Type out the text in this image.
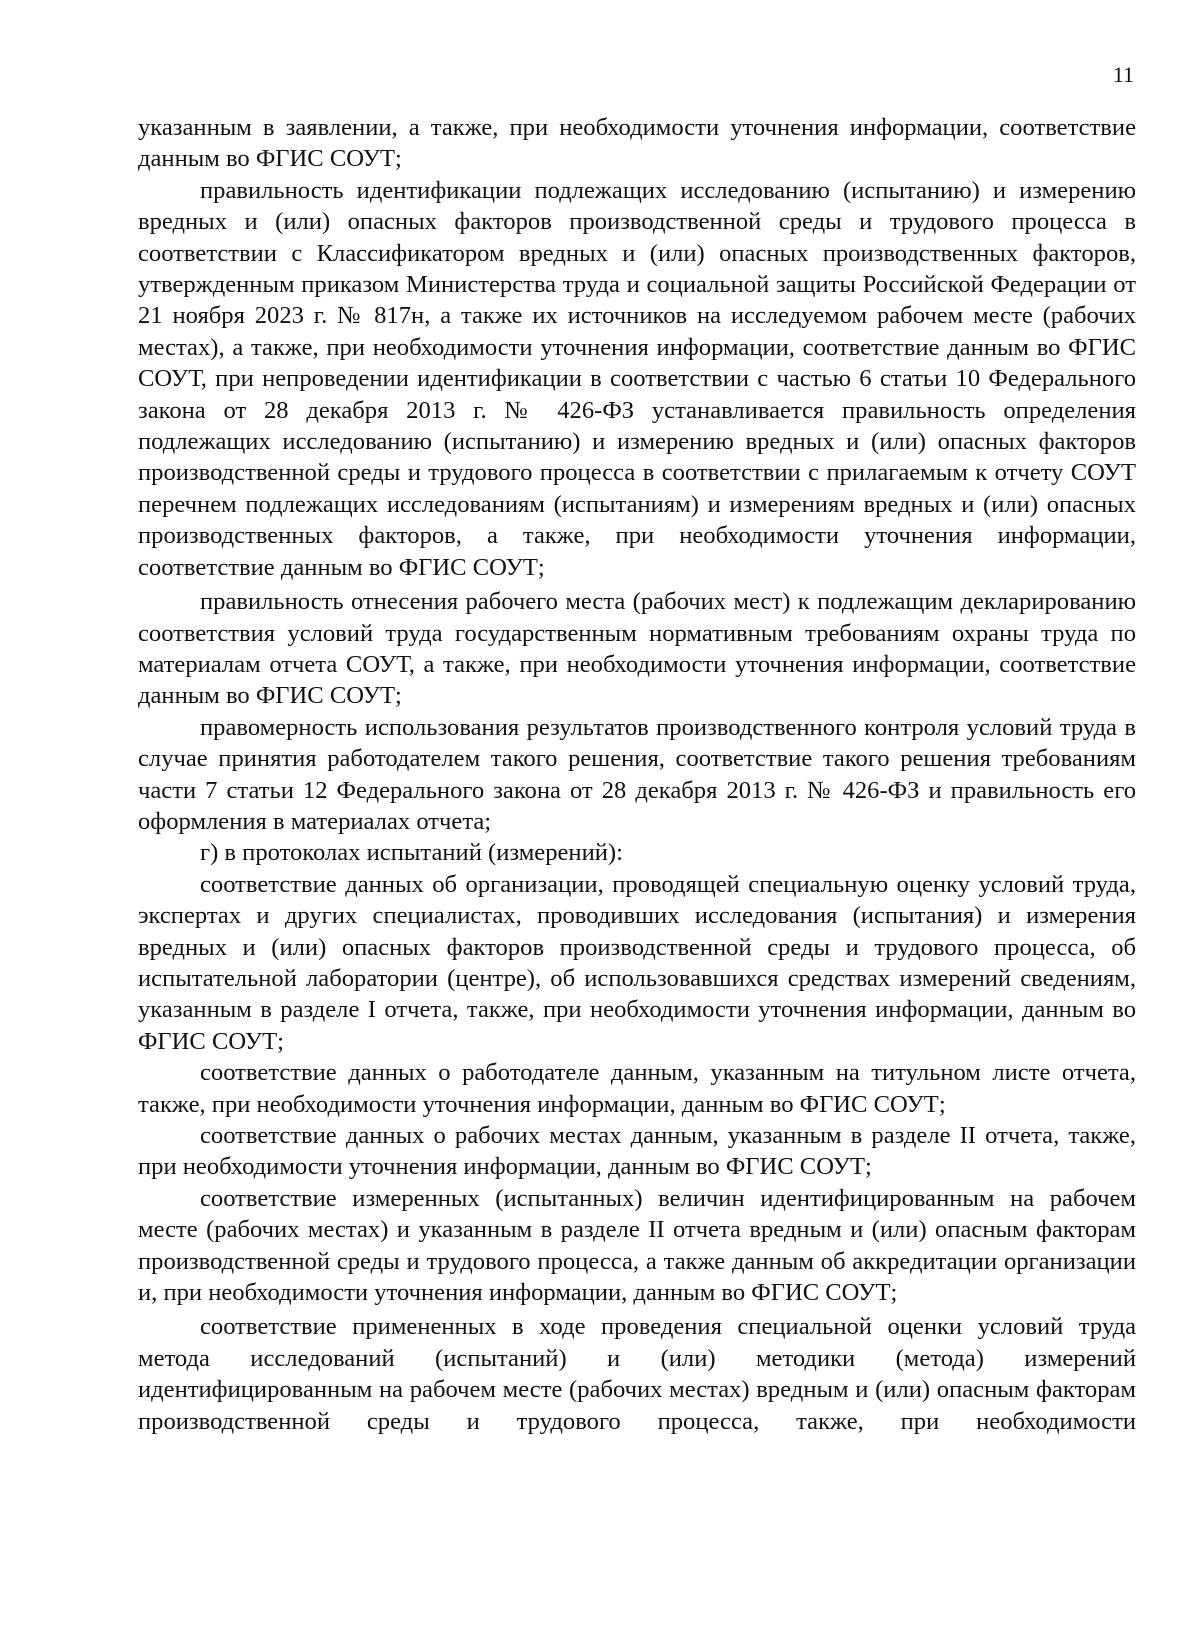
11

указанным в заявлении, а также, при необходимости уточнения информации, соответствие данным во ФГИС СОУТ;

правильность идентификации подлежащих исследованию (испытанию) и измерению вредных и (или) опасных факторов производственной среды и трудового процесса в соответствии с Классификатором вредных и (или) опасных производственных факторов, утвержденным приказом Министерства труда и социальной защиты Российской Федерации от 21 ноября 2023 г. № 817н, а также их источников на исследуемом рабочем месте (рабочих местах), а также, при необходимости уточнения информации, соответствие данным во ФГИС СОУТ, при непроведении идентификации в соответствии с частью 6 статьи 10 Федерального закона от 28 декабря 2013 г. № 426-ФЗ устанавливается правильность определения подлежащих исследованию (испытанию) и измерению вредных и (или) опасных факторов производственной среды и трудового процесса в соответствии с прилагаемым к отчету СОУТ перечнем подлежащих исследованиям (испытаниям) и измерениям вредных и (или) опасных производственных факторов, а также, при необходимости уточнения информации, соответствие данным во ФГИС СОУТ;

правильность отнесения рабочего места (рабочих мест) к подлежащим декларированию соответствия условий труда государственным нормативным требованиям охраны труда по материалам отчета СОУТ, а также, при необходимости уточнения информации, соответствие данным во ФГИС СОУТ;

правомерность использования результатов производственного контроля условий труда в случае принятия работодателем такого решения, соответствие такого решения требованиям части 7 статьи 12 Федерального закона от 28 декабря 2013 г. № 426-ФЗ и правильность его оформления в материалах отчета;

г) в протоколах испытаний (измерений):

соответствие данных об организации, проводящей специальную оценку условий труда, экспертах и других специалистах, проводивших исследования (испытания) и измерения вредных и (или) опасных факторов производственной среды и трудового процесса, об испытательной лаборатории (центре), об использовавшихся средствах измерений сведениям, указанным в разделе I отчета, также, при необходимости уточнения информации, данным во ФГИС СОУТ;

соответствие данных о работодателе данным, указанным на титульном листе отчета, также, при необходимости уточнения информации, данным во ФГИС СОУТ;

соответствие данных о рабочих местах данным, указанным в разделе II отчета, также, при необходимости уточнения информации, данным во ФГИС СОУТ;

соответствие измеренных (испытанных) величин идентифицированным на рабочем месте (рабочих местах) и указанным в разделе II отчета вредным и (или) опасным факторам производственной среды и трудового процесса, а также данным об аккредитации организации и, при необходимости уточнения информации, данным во ФГИС СОУТ;

соответствие примененных в ходе проведения специальной оценки условий труда метода исследований (испытаний) и (или) методики (метода) измерений идентифицированным на рабочем месте (рабочих местах) вредным и (или) опасным факторам производственной среды и трудового процесса, также, при необходимости
